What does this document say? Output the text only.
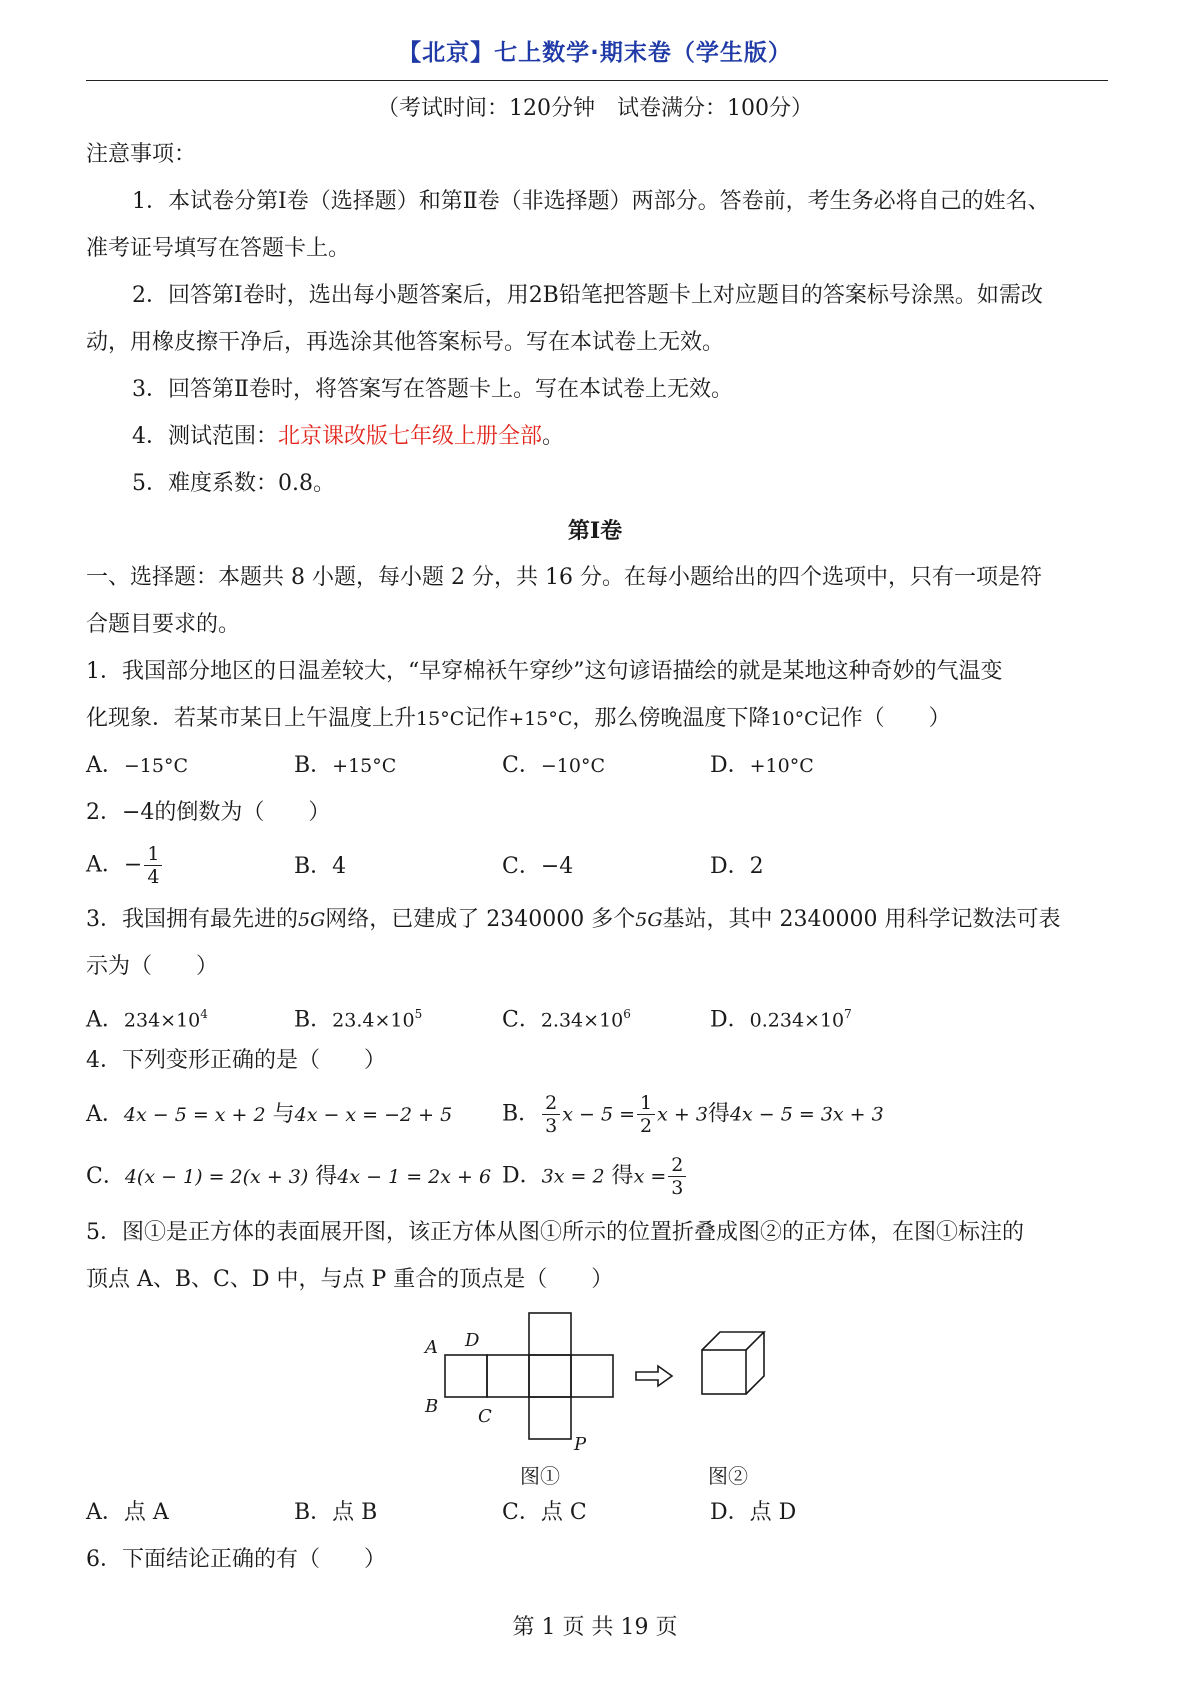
【北京】七上数学·期末卷（学生版）
（考试时间：120分钟　试卷满分：100分）
注意事项：
1．本试卷分第Ⅰ卷（选择题）和第Ⅱ卷（非选择题）两部分。答卷前，考生务必将自己的姓名、
准考证号填写在答题卡上。
2．回答第Ⅰ卷时，选出每小题答案后，用2B铅笔把答题卡上对应题目的答案标号涂黑。如需改
动，用橡皮擦干净后，再选涂其他答案标号。写在本试卷上无效。
3．回答第Ⅱ卷时，将答案写在答题卡上。写在本试卷上无效。
4．测试范围：北京课改版七年级上册全部。
5．难度系数：0.8。
第Ⅰ卷
一、选择题：本题共 8 小题，每小题 2 分，共 16 分。在每小题给出的四个选项中，只有一项是符
合题目要求的。
1．我国部分地区的日温差较大，“早穿棉袄午穿纱”这句谚语描绘的就是某地这种奇妙的气温变
化现象．若某市某日上午温度上升15°C记作+15°C，那么傍晚温度下降10°C记作（　　）
A．−15°C	B．+15°C	C．−10°C	D．+10°C
2．−4的倒数为（　　）
A．− $\frac{1}{4}$	B．4	C．−4	D．2
3．我国拥有最先进的5G网络，已建成了 2340000 多个5G基站，其中 2340000 用科学记数法可表
示为（　　）
A．$234\times 10^4$	B．$23.4\times 10^5$	C．$2.34\times 10^6$	D．$0.234\times 10^7$
4．下列变形正确的是（　　）
A．4x − 5 = x + 2 与4x − x = −2 + 5 B． $\frac{2}{3}$ $x - 5 = \frac{1}{2}$ x + 3得4x − 5 = 3x + 3
C．4(x − 1) = 2(x + 3) 得4x − 1 = 2x + 6 D．3x = 2 得$x = \frac{2}{3}$
5．图①是正方体的表面展开图，该正方体从图①所示的位置折叠成图②的正方体，在图①标注的
顶点 A、B、C、D 中，与点 P 重合的顶点是（　　）
A D
B C
P
图①	图②
A．点 A	B．点 B	C．点 C	D．点 D
6．下面结论正确的有（　　）
第 1 页 共 19 页
